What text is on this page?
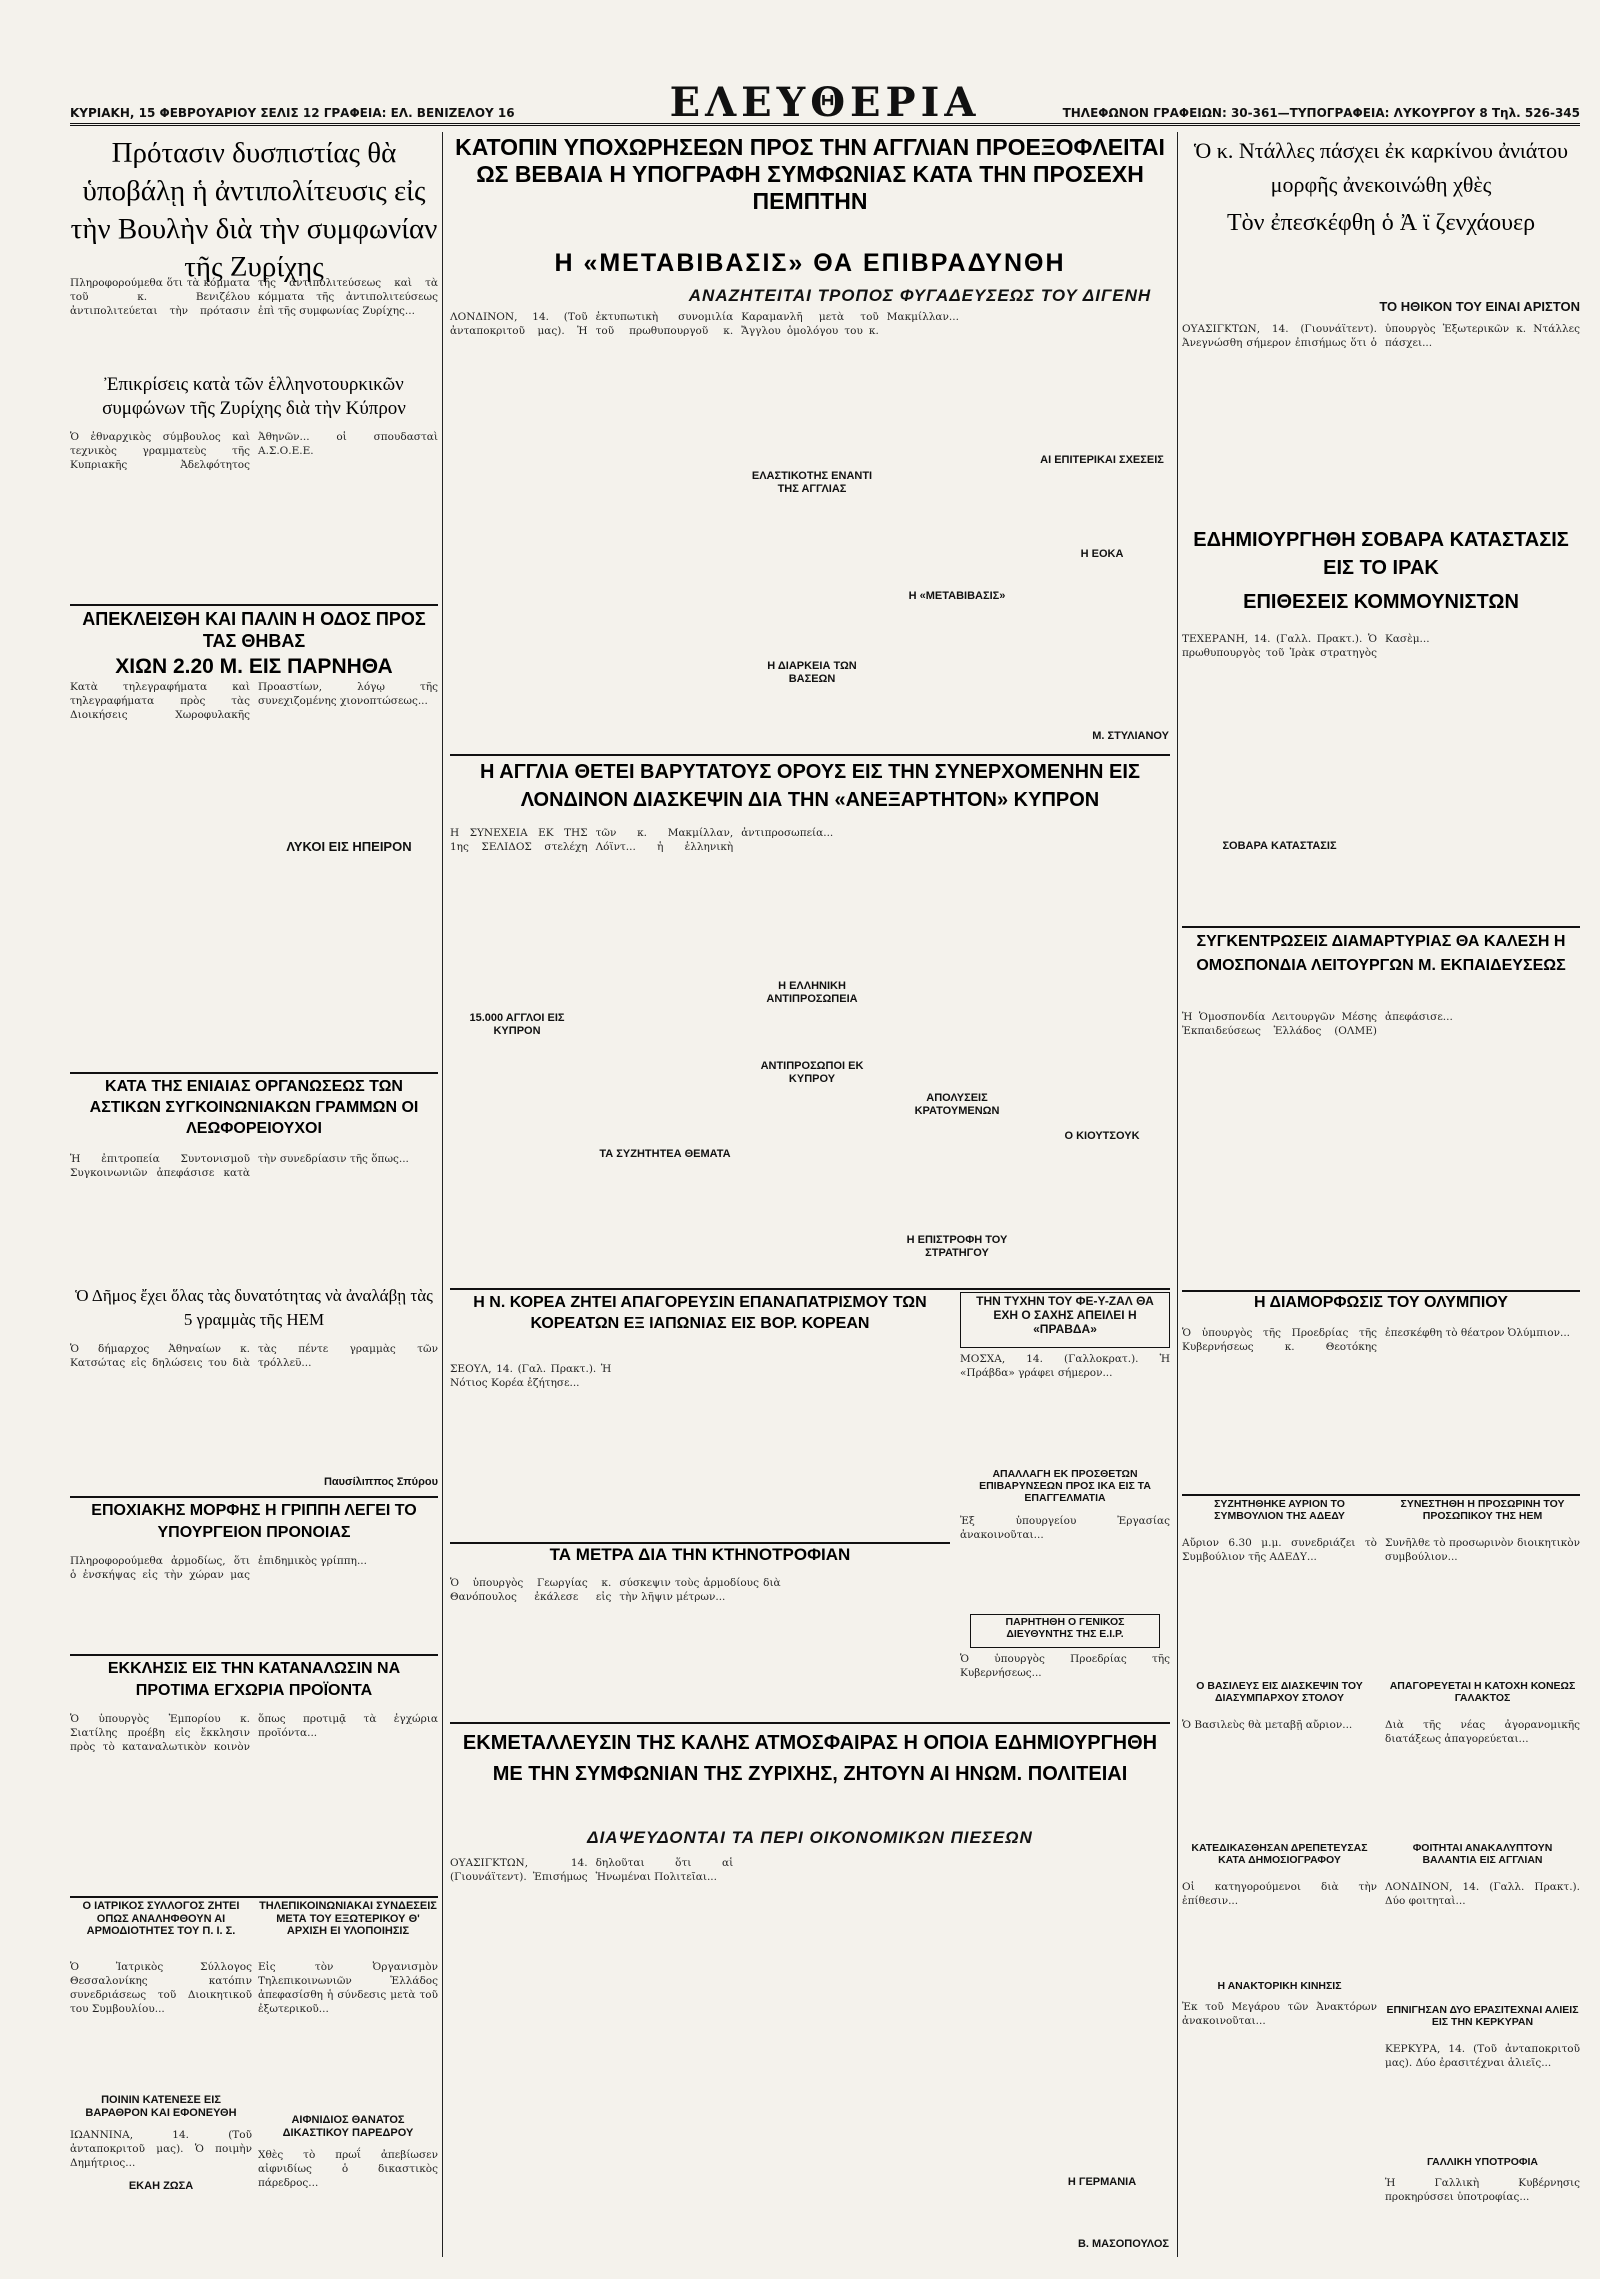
ΚΥΡΙΑΚΗ, 15 ΦΕΒΡΟΥΑΡΙΟΥ ΣΕΛΙΣ 12 ΓΡΑΦΕΙΑ: ΕΛ. ΒΕΝΙΖΕΛΟΥ 16	ΕΛΕΥΘΕΡΙΑ	ΤΗΛΕΦΩΝΟΝ ΓΡΑΦΕΙΩΝ: 30-361—ΤΥΠΟΓΡΑΦΕΙΑ: ΛΥΚΟΥΡΓΟΥ 8 Τηλ. 526-345
Πρότασιν δυσπιστίας θὰ ὑποβάλῃ ἡ ἀντιπολίτευσις εἰς τὴν Βουλὴν διὰ τὴν συμφωνίαν τῆς Ζυρίχης
Πληροφορούμεθα ὅτι τὰ κόμματα τοῦ κ. Βενιζέλου ἀντιπολιτεύεται τὴν πρότασιν τῆς ἀντιπολιτεύσεως καὶ τὰ κόμματα τῆς ἀντιπολιτεύσεως ἐπὶ τῆς συμφωνίας Ζυρίχης...
Ἐπικρίσεις κατὰ τῶν ἑλληνοτουρκικῶν συμφώνων τῆς Ζυρίχης διὰ τὴν Κύπρον
Ὁ ἐθναρχικὸς σύμβουλος καὶ τεχνικὸς γραμματεὺς τῆς Κυπριακῆς Ἀδελφότητος Ἀθηνῶν... οἱ σπουδασταὶ Α.Σ.Ο.Ε.Ε.
ΑΠΕΚΛΕΙΣΘΗ ΚΑΙ ΠΑΛΙΝ Η ΟΔΟΣ ΠΡΟΣ ΤΑΣ ΘΗΒΑΣ
ΧΙΩΝ 2.20 Μ. ΕΙΣ ΠΑΡΝΗΘΑ
Κατὰ τηλεγραφήματα καὶ τηλεγραφήματα πρὸς τὰς Διοικήσεις Χωροφυλακῆς Προαστίων, λόγῳ τῆς συνεχιζομένης χιονοπτώσεως...
ΛΥΚΟΙ ΕΙΣ ΗΠΕΙΡΟΝ
ΚΑΤΑ ΤΗΣ ΕΝΙΑΙΑΣ ΟΡΓΑΝΩΣΕΩΣ ΤΩΝ ΑΣΤΙΚΩΝ ΣΥΓΚΟΙΝΩΝΙΑΚΩΝ ΓΡΑΜΜΩΝ ΟΙ ΛΕΩΦΟΡΕΙΟΥΧΟΙ
Ἡ ἐπιτροπεία Συντονισμοῦ Συγκοινωνιῶν ἀπεφάσισε κατὰ τὴν συνεδρίασιν τῆς ὅπως...
Ὁ Δῆμος ἔχει ὅλας τὰς δυνατότητας νὰ ἀναλάβῃ τὰς 5 γραμμὰς τῆς ΗΕΜ
Ὁ δήμαρχος Ἀθηναίων κ. Κατσώτας εἰς δηλώσεις του διὰ τὰς πέντε γραμμὰς τῶν τρόλλεϋ...
Παυσίλιππος Σπύρου
ΕΠΟΧΙΑΚΗΣ ΜΟΡΦΗΣ Η ΓΡΙΠΠΗ ΛΕΓΕΙ ΤΟ ΥΠΟΥΡΓΕΙΟΝ ΠΡΟΝΟΙΑΣ
Πληροφορούμεθα ἀρμοδίως, ὅτι ὁ ἐνσκήψας εἰς τὴν χώραν μας ἐπιδημικὸς γρίππη...
ΕΚΚΛΗΣΙΣ ΕΙΣ ΤΗΝ ΚΑΤΑΝΑΛΩΣΙΝ ΝΑ ΠΡΟΤΙΜΑ ΕΓΧΩΡΙΑ ΠΡΟΪΟΝΤΑ
Ὁ ὑπουργὸς Ἐμπορίου κ. Σιατίλης προέβη εἰς ἔκκλησιν πρὸς τὸ καταναλωτικὸν κοινὸν ὅπως προτιμᾷ τὰ ἐγχώρια προϊόντα...
Ο ΙΑΤΡΙΚΟΣ ΣΥΛΛΟΓΟΣ ΖΗΤΕΙ ΟΠΩΣ ΑΝΑΛΗΦΘΟΥΝ ΑΙ ΑΡΜΟΔΙΟΤΗΤΕΣ ΤΟΥ Π. Ι. Σ.
Ὁ Ἰατρικὸς Σύλλογος Θεσσαλονίκης κατόπιν συνεδριάσεως τοῦ Διοικητικοῦ του Συμβουλίου...
ΠΟΙΝΙΝ ΚΑΤΕΝΕΣΕ ΕΙΣ ΒΑΡΑΘΡΟΝ ΚΑΙ ΕΦΟΝΕΥΘΗ
ΙΩΑΝΝΙΝΑ, 14. (Τοῦ ἀνταποκριτοῦ μας). Ὁ ποιμὴν Δημήτριος...
ΕΚΑΗ ΖΩΣΑ
ΤΗΛΕΠΙΚΟΙΝΩΝΙΑΚΑΙ ΣΥΝΔΕΣΕΙΣ ΜΕΤΑ ΤΟΥ ΕΞΩΤΕΡΙΚΟΥ Θ' ΑΡΧΙΣΗ ΕΙ ΥΛΟΠΟΙΗΣΙΣ
Εἰς τὸν Ὀργανισμὸν Τηλεπικοινωνιῶν Ἑλλάδος ἀπεφασίσθη ἡ σύνδεσις μετὰ τοῦ ἐξωτερικοῦ...
ΑΙΦΝΙΔΙΟΣ ΘΑΝΑΤΟΣ ΔΙΚΑΣΤΙΚΟΥ ΠΑΡΕΔΡΟΥ
Χθὲς τὸ πρωΐ ἀπεβίωσεν αἰφνιδίως ὁ δικαστικὸς πάρεδρος...
ΚΑΤΟΠΙΝ ΥΠΟΧΩΡΗΣΕΩΝ ΠΡΟΣ ΤΗΝ ΑΓΓΛΙΑΝ ΠΡΟΕΞΟΦΛΕΙΤΑΙ ΩΣ ΒΕΒΑΙΑ Η ΥΠΟΓΡΑΦΗ ΣΥΜΦΩΝΙΑΣ ΚΑΤΑ ΤΗΝ ΠΡΟΣΕΧΗ ΠΕΜΠΤΗΝ
Η «ΜΕΤΑΒΙΒΑΣΙΣ» ΘΑ ΕΠΙΒΡΑΔΥΝΘΗ
ΑΝΑΖΗΤΕΙΤΑΙ ΤΡΟΠΟΣ ΦΥΓΑΔΕΥΣΕΩΣ ΤΟΥ ΔΙΓΕΝΗ
ΛΟΝΔΙΝΟΝ, 14. (Τοῦ ἀνταποκριτοῦ μας). Ἡ ἐκτυπωτικὴ συνομιλία τοῦ πρωθυπουργοῦ κ. Καραμανλῆ μετὰ τοῦ Ἄγγλου ὁμολόγου του κ. Μακμίλλαν...
ΕΛΑΣΤΙΚΟΤΗΣ ΕΝΑΝΤΙ ΤΗΣ ΑΓΓΛΙΑΣ
Η «ΜΕΤΑΒΙΒΑΣΙΣ»
Η ΔΙΑΡΚΕΙΑ ΤΩΝ ΒΑΣΕΩΝ
ΑΙ ΕΠΙΤΕΡΙΚΑΙ ΣΧΕΣΕΙΣ
Η ΕΟΚΑ
Μ. ΣΤΥΛΙΑΝΟΥ
Η ΑΓΓΛΙΑ ΘΕΤΕΙ ΒΑΡΥΤΑΤΟΥΣ ΟΡΟΥΣ ΕΙΣ ΤΗΝ ΣΥΝΕΡΧΟΜΕΝΗΝ ΕΙΣ ΛΟΝΔΙΝΟΝ ΔΙΑΣΚΕΨΙΝ ΔΙΑ ΤΗΝ «ΑΝΕΞΑΡΤΗΤΟΝ» ΚΥΠΡΟΝ
Η ΣΥΝΕΧΕΙΑ ΕΚ ΤΗΣ 1ης ΣΕΛΙΔΟΣ στελέχη τῶν κ. Μακμίλλαν, Λόϊντ... ἡ ἑλληνικὴ ἀντιπροσωπεία...
15.000 ΑΓΓΛΟΙ ΕΙΣ ΚΥΠΡΟΝ
Η ΕΛΛΗΝΙΚΗ ΑΝΤΙΠΡΟΣΩΠΕΙΑ
ΑΝΤΙΠΡΟΣΩΠΟΙ ΕΚ ΚΥΠΡΟΥ
ΤΑ ΣΥΖΗΤΗΤΕΑ ΘΕΜΑΤΑ
ΑΠΟΛΥΣΕΙΣ ΚΡΑΤΟΥΜΕΝΩΝ
Ο ΚΙΟΥΤΣΟΥΚ
Η ΕΠΙΣΤΡΟΦΗ ΤΟΥ ΣΤΡΑΤΗΓΟΥ
Η Ν. ΚΟΡΕΑ ΖΗΤΕΙ ΑΠΑΓΟΡΕΥΣΙΝ ΕΠΑΝΑΠΑΤΡΙΣΜΟΥ ΤΩΝ ΚΟΡΕΑΤΩΝ ΕΞ ΙΑΠΩΝΙΑΣ ΕΙΣ ΒΟΡ. ΚΟΡΕΑΝ
ΣΕΟΥΛ, 14. (Γαλ. Πρακτ.). Ἡ Νότιος Κορέα ἐζήτησε...
ΤΗΝ ΤΥΧΗΝ ΤΟΥ ΦΕ-Υ-ΖΑΛ ΘΑ ΕΧΗ Ο ΣΑΧΗΣ ΑΠΕΙΛΕΙ Η «ΠΡΑΒΔΑ»
ΜΟΣΧΑ, 14. (Γαλλοκρατ.). Ἡ «Πράβδα» γράφει σήμερον...
ΑΠΑΛΛΑΓΗ ΕΚ ΠΡΟΣΘΕΤΩΝ ΕΠΙΒΑΡΥΝΣΕΩΝ ΠΡΟΣ ΙΚΑ ΕΙΣ ΤΑ ΕΠΑΓΓΕΛΜΑΤΙΑ
Ἐξ ὑπουργείου Ἐργασίας ἀνακοινοῦται...
ΠΑΡΗΤΗΘΗ Ο ΓΕΝΙΚΟΣ ΔΙΕΥΘΥΝΤΗΣ ΤΗΣ Ε.Ι.Ρ.
Ὁ ὑπουργὸς Προεδρίας τῆς Κυβερνήσεως...
ΤΑ ΜΕΤΡΑ ΔΙΑ ΤΗΝ ΚΤΗΝΟΤΡΟΦΙΑΝ
Ὁ ὑπουργὸς Γεωργίας κ. Θανόπουλος ἐκάλεσε εἰς σύσκεψιν τοὺς ἀρμοδίους διὰ τὴν λῆψιν μέτρων...
ΕΚΜΕΤΑΛΛΕΥΣΙΝ ΤΗΣ ΚΑΛΗΣ ΑΤΜΟΣΦΑΙΡΑΣ Η ΟΠΟΙΑ ΕΔΗΜΙΟΥΡΓΗΘΗ ΜΕ ΤΗΝ ΣΥΜΦΩΝΙΑΝ ΤΗΣ ΖΥΡΙΧΗΣ, ΖΗΤΟΥΝ ΑΙ ΗΝΩΜ. ΠΟΛΙΤΕΙΑΙ
ΔΙΑΨΕΥΔΟΝΤΑΙ ΤΑ ΠΕΡΙ ΟΙΚΟΝΟΜΙΚΩΝ ΠΙΕΣΕΩΝ
ΟΥΑΣΙΓΚΤΩΝ, 14. (Γιουνάϊτεντ). Ἐπισήμως δηλοῦται ὅτι αἱ Ἡνωμέναι Πολιτεῖαι...
Η ΓΕΡΜΑΝΙΑ
Β. ΜΑΣΟΠΟΥΛΟΣ
Ὁ κ. Ντάλλες πάσχει ἐκ καρκίνου ἀνιάτου μορφῆς ἀνεκοινώθη χθὲς
Τὸν ἐπεσκέφθη ὁ Ἀ ϊ ζενχάουερ
ΤΟ ΗΘΙΚΟΝ ΤΟΥ ΕΙΝΑΙ ΑΡΙΣΤΟΝ
ΟΥΑΣΙΓΚΤΩΝ, 14. (Γιουνάϊτεντ). Ἀνεγνώσθη σήμερον ἐπισήμως ὅτι ὁ ὑπουργὸς Ἐξωτερικῶν κ. Ντάλλες πάσχει...
ΕΔΗΜΙΟΥΡΓΗΘΗ ΣΟΒΑΡΑ ΚΑΤΑΣΤΑΣΙΣ ΕΙΣ ΤΟ ΙΡΑΚ
ΕΠΙΘΕΣΕΙΣ ΚΟΜΜΟΥΝΙΣΤΩΝ
ΤΕΧΕΡΑΝΗ, 14. (Γαλλ. Πρακτ.). Ὁ πρωθυπουργὸς τοῦ Ἰρὰκ στρατηγὸς Κασὲμ...
ΣΟΒΑΡΑ ΚΑΤΑΣΤΑΣΙΣ
ΣΥΓΚΕΝΤΡΩΣΕΙΣ ΔΙΑΜΑΡΤΥΡΙΑΣ ΘΑ ΚΑΛΕΣΗ Η ΟΜΟΣΠΟΝΔΙΑ ΛΕΙΤΟΥΡΓΩΝ Μ. ΕΚΠΑΙΔΕΥΣΕΩΣ
Ἡ Ὁμοσπονδία Λειτουργῶν Μέσης Ἐκπαιδεύσεως Ἑλλάδος (ΟΛΜΕ) ἀπεφάσισε...
Η ΔΙΑΜΟΡΦΩΣΙΣ ΤΟΥ ΟΛΥΜΠΙΟΥ
Ὁ ὑπουργὸς τῆς Προεδρίας τῆς Κυβερνήσεως κ. Θεοτόκης ἐπεσκέφθη τὸ θέατρον Ὀλύμπιον...
ΣΥΖΗΤΗΘΗΚΕ ΑΥΡΙΟΝ ΤΟ ΣΥΜΒΟΥΛΙΟΝ ΤΗΣ ΑΔΕΔΥ
Αὔριον 6.30 μ.μ. συνεδριάζει τὸ Συμβούλιον τῆς ΑΔΕΔΥ...
ΣΥΝΕΣΤΗΘΗ Η ΠΡΟΣΩΡΙΝΗ ΤΟΥ ΠΡΟΣΩΠΙΚΟΥ ΤΗΣ ΗΕΜ
Συνῆλθε τὸ προσωρινὸν διοικητικὸν συμβούλιον...
Ο ΒΑΣΙΛΕΥΣ ΕΙΣ ΔΙΑΣΚΕΨΙΝ ΤΟΥ ΔΙΑΣΥΜΠΑΡΧΟΥ ΣΤΟΛΟΥ
Ὁ Βασιλεὺς θὰ μεταβῇ αὔριον...
ΑΠΑΓΟΡΕΥΕΤΑΙ Η ΚΑΤΟΧΗ ΚΟΝΕΩΣ ΓΑΛΑΚΤΟΣ
Διὰ τῆς νέας ἀγορανομικῆς διατάξεως ἀπαγορεύεται...
ΚΑΤΕΔΙΚΑΣΘΗΣΑΝ ΔΡΕΠΕΤΕΥΣΑΣ ΚΑΤΑ ΔΗΜΟΣΙΟΓΡΑΦΟΥ
Οἱ κατηγορούμενοι διὰ τὴν ἐπίθεσιν...
Η ΑΝΑΚΤΟΡΙΚΗ ΚΙΝΗΣΙΣ
Ἐκ τοῦ Μεγάρου τῶν Ἀνακτόρων ἀνακοινοῦται...
ΦΟΙΤΗΤΑΙ ΑΝΑΚΑΛΥΠΤΟΥΝ ΒΑΛΑΝΤΙΑ ΕΙΣ ΑΓΓΛΙΑΝ
ΛΟΝΔΙΝΟΝ, 14. (Γαλλ. Πρακτ.). Δύο φοιτηταὶ...
ΕΠΝΙΓΗΣΑΝ ΔΥΟ ΕΡΑΣΙΤΕΧΝΑΙ ΑΛΙΕΙΣ ΕΙΣ ΤΗΝ ΚΕΡΚΥΡΑΝ
ΚΕΡΚΥΡΑ, 14. (Τοῦ ἀνταποκριτοῦ μας). Δύο ἐρασιτέχναι ἁλιεῖς...
ΓΑΛΛΙΚΗ ΥΠΟΤΡΟΦΙΑ
Ἡ Γαλλικὴ Κυβέρνησις προκηρύσσει ὑποτροφίας...
